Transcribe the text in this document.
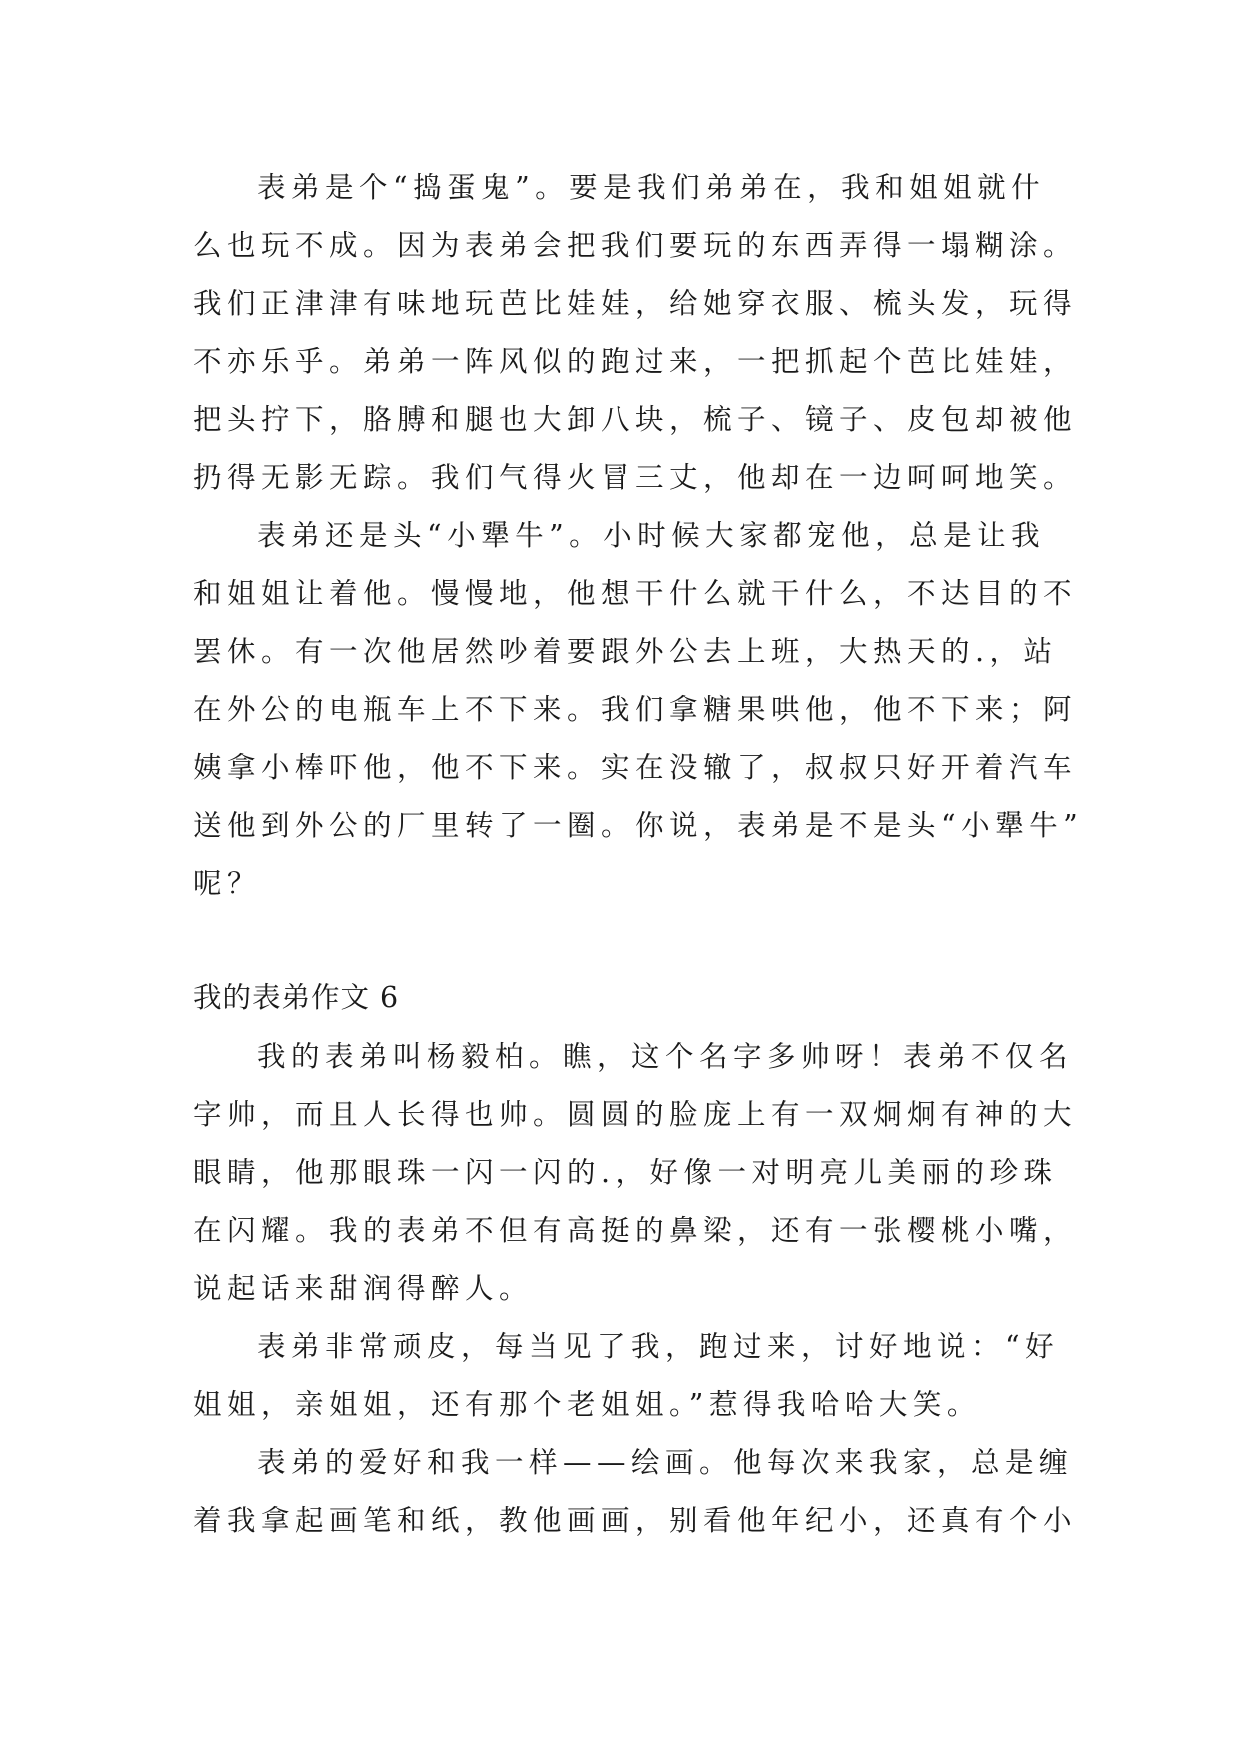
表弟是个“捣蛋鬼”。要是我们弟弟在，我和姐姐就什
么也玩不成。因为表弟会把我们要玩的东西弄得一塌糊涂。
我们正津津有味地玩芭比娃娃，给她穿衣服、梳头发，玩得
不亦乐乎。弟弟一阵风似的跑过来，一把抓起个芭比娃娃，
把头拧下，胳膊和腿也大卸八块，梳子、镜子、皮包却被他
扔得无影无踪。我们气得火冒三丈，他却在一边呵呵地笑。
表弟还是头“小犟牛”。小时候大家都宠他，总是让我
和姐姐让着他。慢慢地，他想干什么就干什么，不达目的不
罢休。有一次他居然吵着要跟外公去上班，大热天的.，站
在外公的电瓶车上不下来。我们拿糖果哄他，他不下来；阿
姨拿小棒吓他，他不下来。实在没辙了，叔叔只好开着汽车
送他到外公的厂里转了一圈。你说，表弟是不是头“小犟牛”
呢？
我的表弟作文 6
我的表弟叫杨毅柏。瞧，这个名字多帅呀！表弟不仅名
字帅，而且人长得也帅。圆圆的脸庞上有一双炯炯有神的大
眼睛，他那眼珠一闪一闪的.，好像一对明亮儿美丽的珍珠
在闪耀。我的表弟不但有高挺的鼻梁，还有一张樱桃小嘴，
说起话来甜润得醉人。
表弟非常顽皮，每当见了我，跑过来，讨好地说：“好
姐姐，亲姐姐，还有那个老姐姐。”惹得我哈哈大笑。
表弟的爱好和我一样——绘画。他每次来我家，总是缠
着我拿起画笔和纸，教他画画，别看他年纪小，还真有个小
